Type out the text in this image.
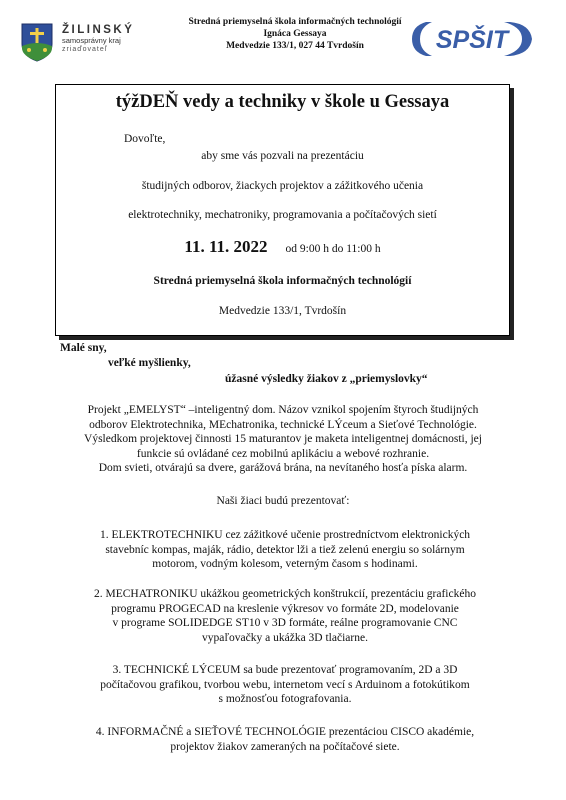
ŽILINSKÝ
samosprávny kraj
zriaďovateľ
Stredná priemyselná škola informačných technológií
Ignáca Gessaya
Medvedzie 133/1, 027 44 Tvrdošín	SPŠIT
týžDEŇ vedy a techniky v škole u Gessaya
Dovoľte,
aby sme vás pozvali na prezentáciu
študijných odborov, žiackych projektov a zážitkového učenia
elektrotechniky, mechatroniky, programovania a počítačových sietí
11. 11. 2022 od 9:00 h do 11:00 h
Stredná priemyselná škola informačných technológií
Medvedzie 133/1, Tvrdošín
Malé sny,
veľké myšlienky,
úžasné výsledky žiakov z „priemyslovky“
Projekt „EMELYST“ –inteligentný dom. Názov vznikol spojením štyroch študijných
odborov Elektrotechnika, MEchatronika, technické LÝceum a Sieťové Technológie.
Výsledkom projektovej činnosti 15 maturantov je maketa inteligentnej domácnosti, jej
funkcie sú ovládané cez mobilnú aplikáciu a webové rozhranie.
Dom svieti, otvárajú sa dvere, garážová brána, na nevítaného hosťa píska alarm.
Naši žiaci budú prezentovať:
1. ELEKTROTECHNIKU cez zážitkové učenie prostredníctvom elektronických
stavebníc kompas, maják, rádio, detektor lži a tiež zelenú energiu so solárnym
motorom, vodným kolesom, veterným časom s hodinami.
2. MECHATRONIKU ukážkou geometrických konštrukcií, prezentáciu grafického
programu PROGECAD na kreslenie výkresov vo formáte 2D, modelovanie
v programe SOLIDEDGE ST10 v 3D formáte, reálne programovanie CNC
vypaľovačky a ukážka 3D tlačiarne.
3. TECHNICKÉ LÝCEUM sa bude prezentovať programovaním, 2D a 3D
počítačovou grafikou, tvorbou webu, internetom vecí s Arduinom a fotokútikom
s možnosťou fotografovania.
4. INFORMAČNÉ a SIEŤOVÉ TECHNOLÓGIE prezentáciou CISCO akadémie,
projektov žiakov zameraných na počítačové siete.
